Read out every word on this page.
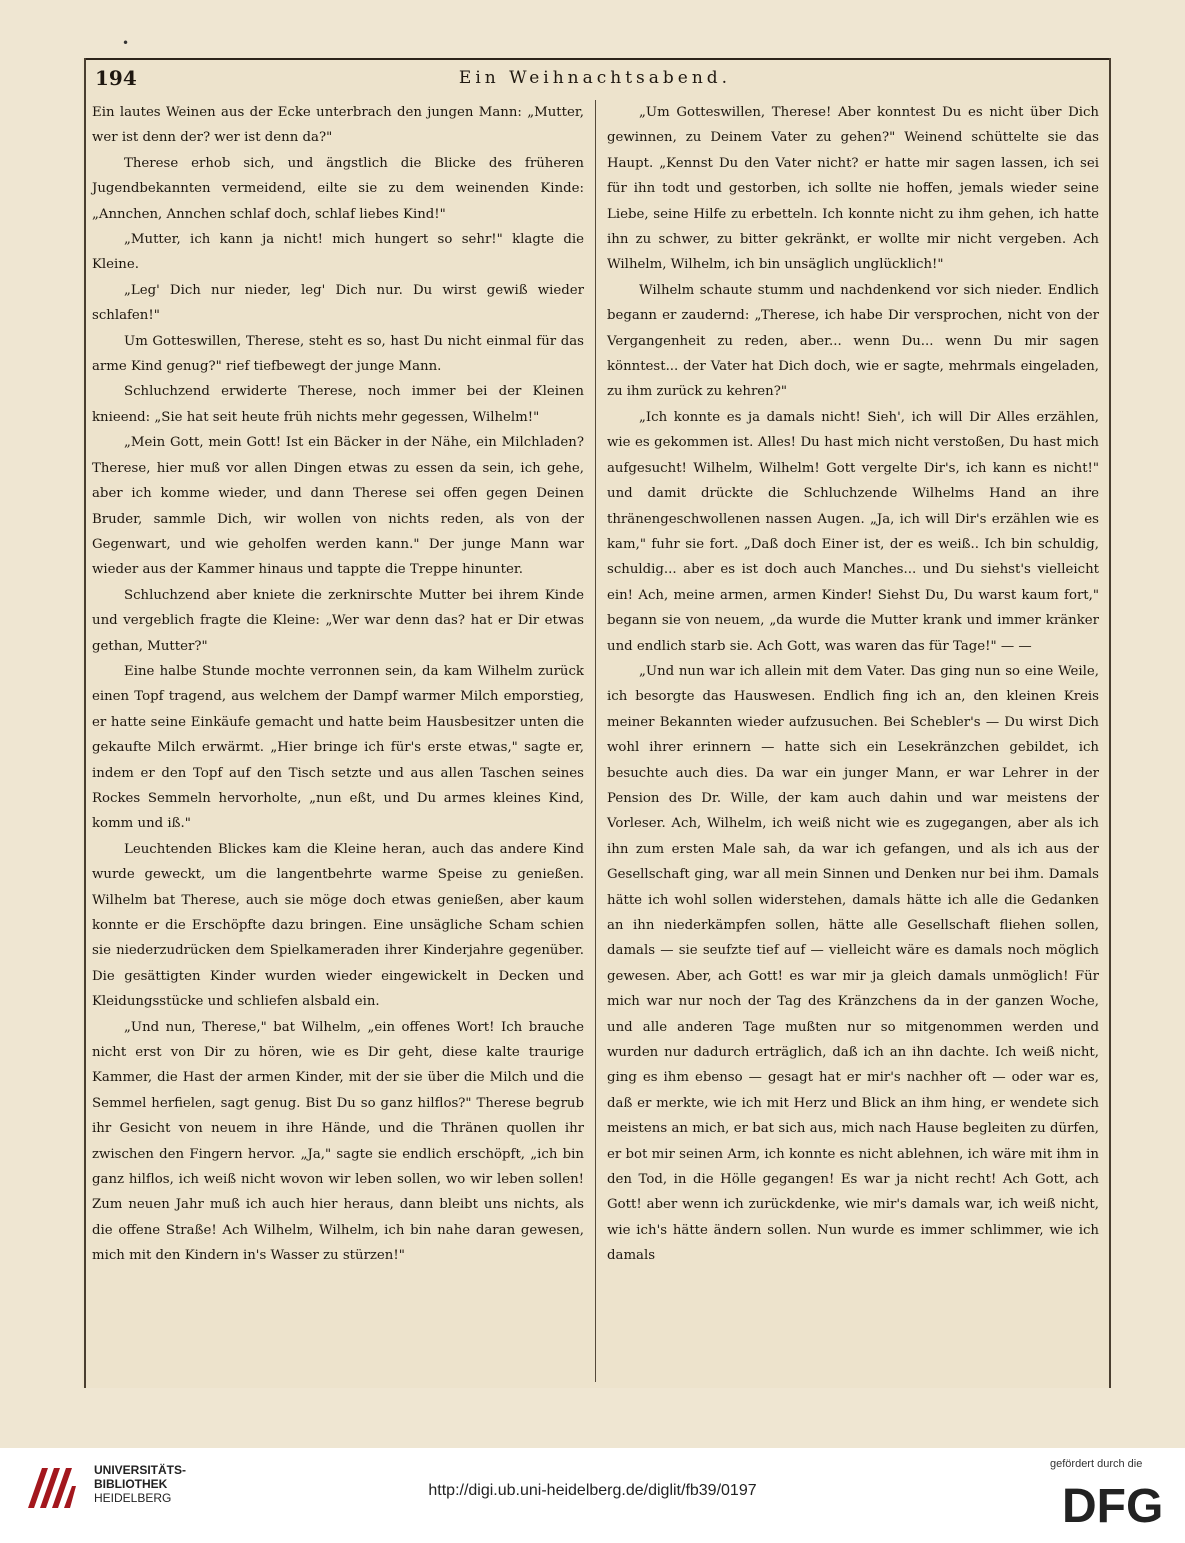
•
194	Ein Weihnachtsabend.

Ein lautes Weinen aus der Ecke unterbrach den jungen Mann: „Mutter, wer ist denn der? wer ist denn da?"

Therese erhob sich, und ängstlich die Blicke des früheren Jugendbekannten vermeidend, eilte sie zu dem weinenden Kinde: „Annchen, Annchen schlaf doch, schlaf liebes Kind!"

„Mutter, ich kann ja nicht! mich hungert so sehr!" klagte die Kleine.

„Leg' Dich nur nieder, leg' Dich nur. Du wirst gewiß wieder schlafen!"

Um Gotteswillen, Therese, steht es so, hast Du nicht einmal für das arme Kind genug?" rief tiefbewegt der junge Mann.

Schluchzend erwiderte Therese, noch immer bei der Kleinen knieend: „Sie hat seit heute früh nichts mehr gegessen, Wilhelm!"

„Mein Gott, mein Gott! Ist ein Bäcker in der Nähe, ein Milchladen? Therese, hier muß vor allen Dingen etwas zu essen da sein, ich gehe, aber ich komme wieder, und dann Therese sei offen gegen Deinen Bruder, sammle Dich, wir wollen von nichts reden, als von der Gegenwart, und wie geholfen werden kann." Der junge Mann war wieder aus der Kammer hinaus und tappte die Treppe hinunter.

Schluchzend aber kniete die zerknirschte Mutter bei ihrem Kinde und vergeblich fragte die Kleine: „Wer war denn das? hat er Dir etwas gethan, Mutter?"

Eine halbe Stunde mochte verronnen sein, da kam Wilhelm zurück einen Topf tragend, aus welchem der Dampf warmer Milch emporstieg, er hatte seine Einkäufe gemacht und hatte beim Hausbesitzer unten die gekaufte Milch erwärmt. „Hier bringe ich für's erste etwas," sagte er, indem er den Topf auf den Tisch setzte und aus allen Taschen seines Rockes Semmeln hervorholte, „nun eßt, und Du armes kleines Kind, komm und iß."

Leuchtenden Blickes kam die Kleine heran, auch das andere Kind wurde geweckt, um die langentbehrte warme Speise zu genießen. Wilhelm bat Therese, auch sie möge doch etwas genießen, aber kaum konnte er die Erschöpfte dazu bringen. Eine unsägliche Scham schien sie niederzudrücken dem Spielkameraden ihrer Kinderjahre gegenüber. Die gesättigten Kinder wurden wieder eingewickelt in Decken und Kleidungsstücke und schliefen alsbald ein.

„Und nun, Therese," bat Wilhelm, „ein offenes Wort! Ich brauche nicht erst von Dir zu hören, wie es Dir geht, diese kalte traurige Kammer, die Hast der armen Kinder, mit der sie über die Milch und die Semmel herfielen, sagt genug. Bist Du so ganz hilflos?" Therese begrub ihr Gesicht von neuem in ihre Hände, und die Thränen quollen ihr zwischen den Fingern hervor. „Ja," sagte sie endlich erschöpft, „ich bin ganz hilflos, ich weiß nicht wovon wir leben sollen, wo wir leben sollen! Zum neuen Jahr muß ich auch hier heraus, dann bleibt uns nichts, als die offene Straße! Ach Wilhelm, Wilhelm, ich bin nahe daran gewesen, mich mit den Kindern in's Wasser zu stürzen!"

„Um Gotteswillen, Therese! Aber konntest Du es nicht über Dich gewinnen, zu Deinem Vater zu gehen?" Weinend schüttelte sie das Haupt. „Kennst Du den Vater nicht? er hatte mir sagen lassen, ich sei für ihn todt und gestorben, ich sollte nie hoffen, jemals wieder seine Liebe, seine Hilfe zu erbetteln. Ich konnte nicht zu ihm gehen, ich hatte ihn zu schwer, zu bitter gekränkt, er wollte mir nicht vergeben. Ach Wilhelm, Wilhelm, ich bin unsäglich unglücklich!"

Wilhelm schaute stumm und nachdenkend vor sich nieder. Endlich begann er zaudernd: „Therese, ich habe Dir versprochen, nicht von der Vergangenheit zu reden, aber... wenn Du... wenn Du mir sagen könntest... der Vater hat Dich doch, wie er sagte, mehrmals eingeladen, zu ihm zurück zu kehren?"

„Ich konnte es ja damals nicht! Sieh', ich will Dir Alles erzählen, wie es gekommen ist. Alles! Du hast mich nicht verstoßen, Du hast mich aufgesucht! Wilhelm, Wilhelm! Gott vergelte Dir's, ich kann es nicht!" und damit drückte die Schluchzende Wilhelms Hand an ihre thränengeschwollenen nassen Augen. „Ja, ich will Dir's erzählen wie es kam," fuhr sie fort. „Daß doch Einer ist, der es weiß.. Ich bin schuldig, schuldig... aber es ist doch auch Manches... und Du siehst's vielleicht ein! Ach, meine armen, armen Kinder! Siehst Du, Du warst kaum fort," begann sie von neuem, „da wurde die Mutter krank und immer kränker und endlich starb sie. Ach Gott, was waren das für Tage!" — —

„Und nun war ich allein mit dem Vater. Das ging nun so eine Weile, ich besorgte das Hauswesen. Endlich fing ich an, den kleinen Kreis meiner Bekannten wieder aufzusuchen. Bei Schebler's — Du wirst Dich wohl ihrer erinnern — hatte sich ein Lesekränzchen gebildet, ich besuchte auch dies. Da war ein junger Mann, er war Lehrer in der Pension des Dr. Wille, der kam auch dahin und war meistens der Vorleser. Ach, Wilhelm, ich weiß nicht wie es zugegangen, aber als ich ihn zum ersten Male sah, da war ich gefangen, und als ich aus der Gesellschaft ging, war all mein Sinnen und Denken nur bei ihm. Damals hätte ich wohl sollen widerstehen, damals hätte ich alle die Gedanken an ihn niederkämpfen sollen, hätte alle Gesellschaft fliehen sollen, damals — sie seufzte tief auf — vielleicht wäre es damals noch möglich gewesen. Aber, ach Gott! es war mir ja gleich damals unmöglich! Für mich war nur noch der Tag des Kränzchens da in der ganzen Woche, und alle anderen Tage mußten nur so mitgenommen werden und wurden nur dadurch erträglich, daß ich an ihn dachte. Ich weiß nicht, ging es ihm ebenso — gesagt hat er mir's nachher oft — oder war es, daß er merkte, wie ich mit Herz und Blick an ihm hing, er wendete sich meistens an mich, er bat sich aus, mich nach Hause begleiten zu dürfen, er bot mir seinen Arm, ich konnte es nicht ablehnen, ich wäre mit ihm in den Tod, in die Hölle gegangen! Es war ja nicht recht! Ach Gott, ach Gott! aber wenn ich zurückdenke, wie mir's damals war, ich weiß nicht, wie ich's hätte ändern sollen. Nun wurde es immer schlimmer, wie ich damals

UNIVERSITÄTS-
BIBLIOTHEK
HEIDELBERG	http://digi.ub.uni-heidelberg.de/diglit/fb39/0197
gefördert durch die
DFG
